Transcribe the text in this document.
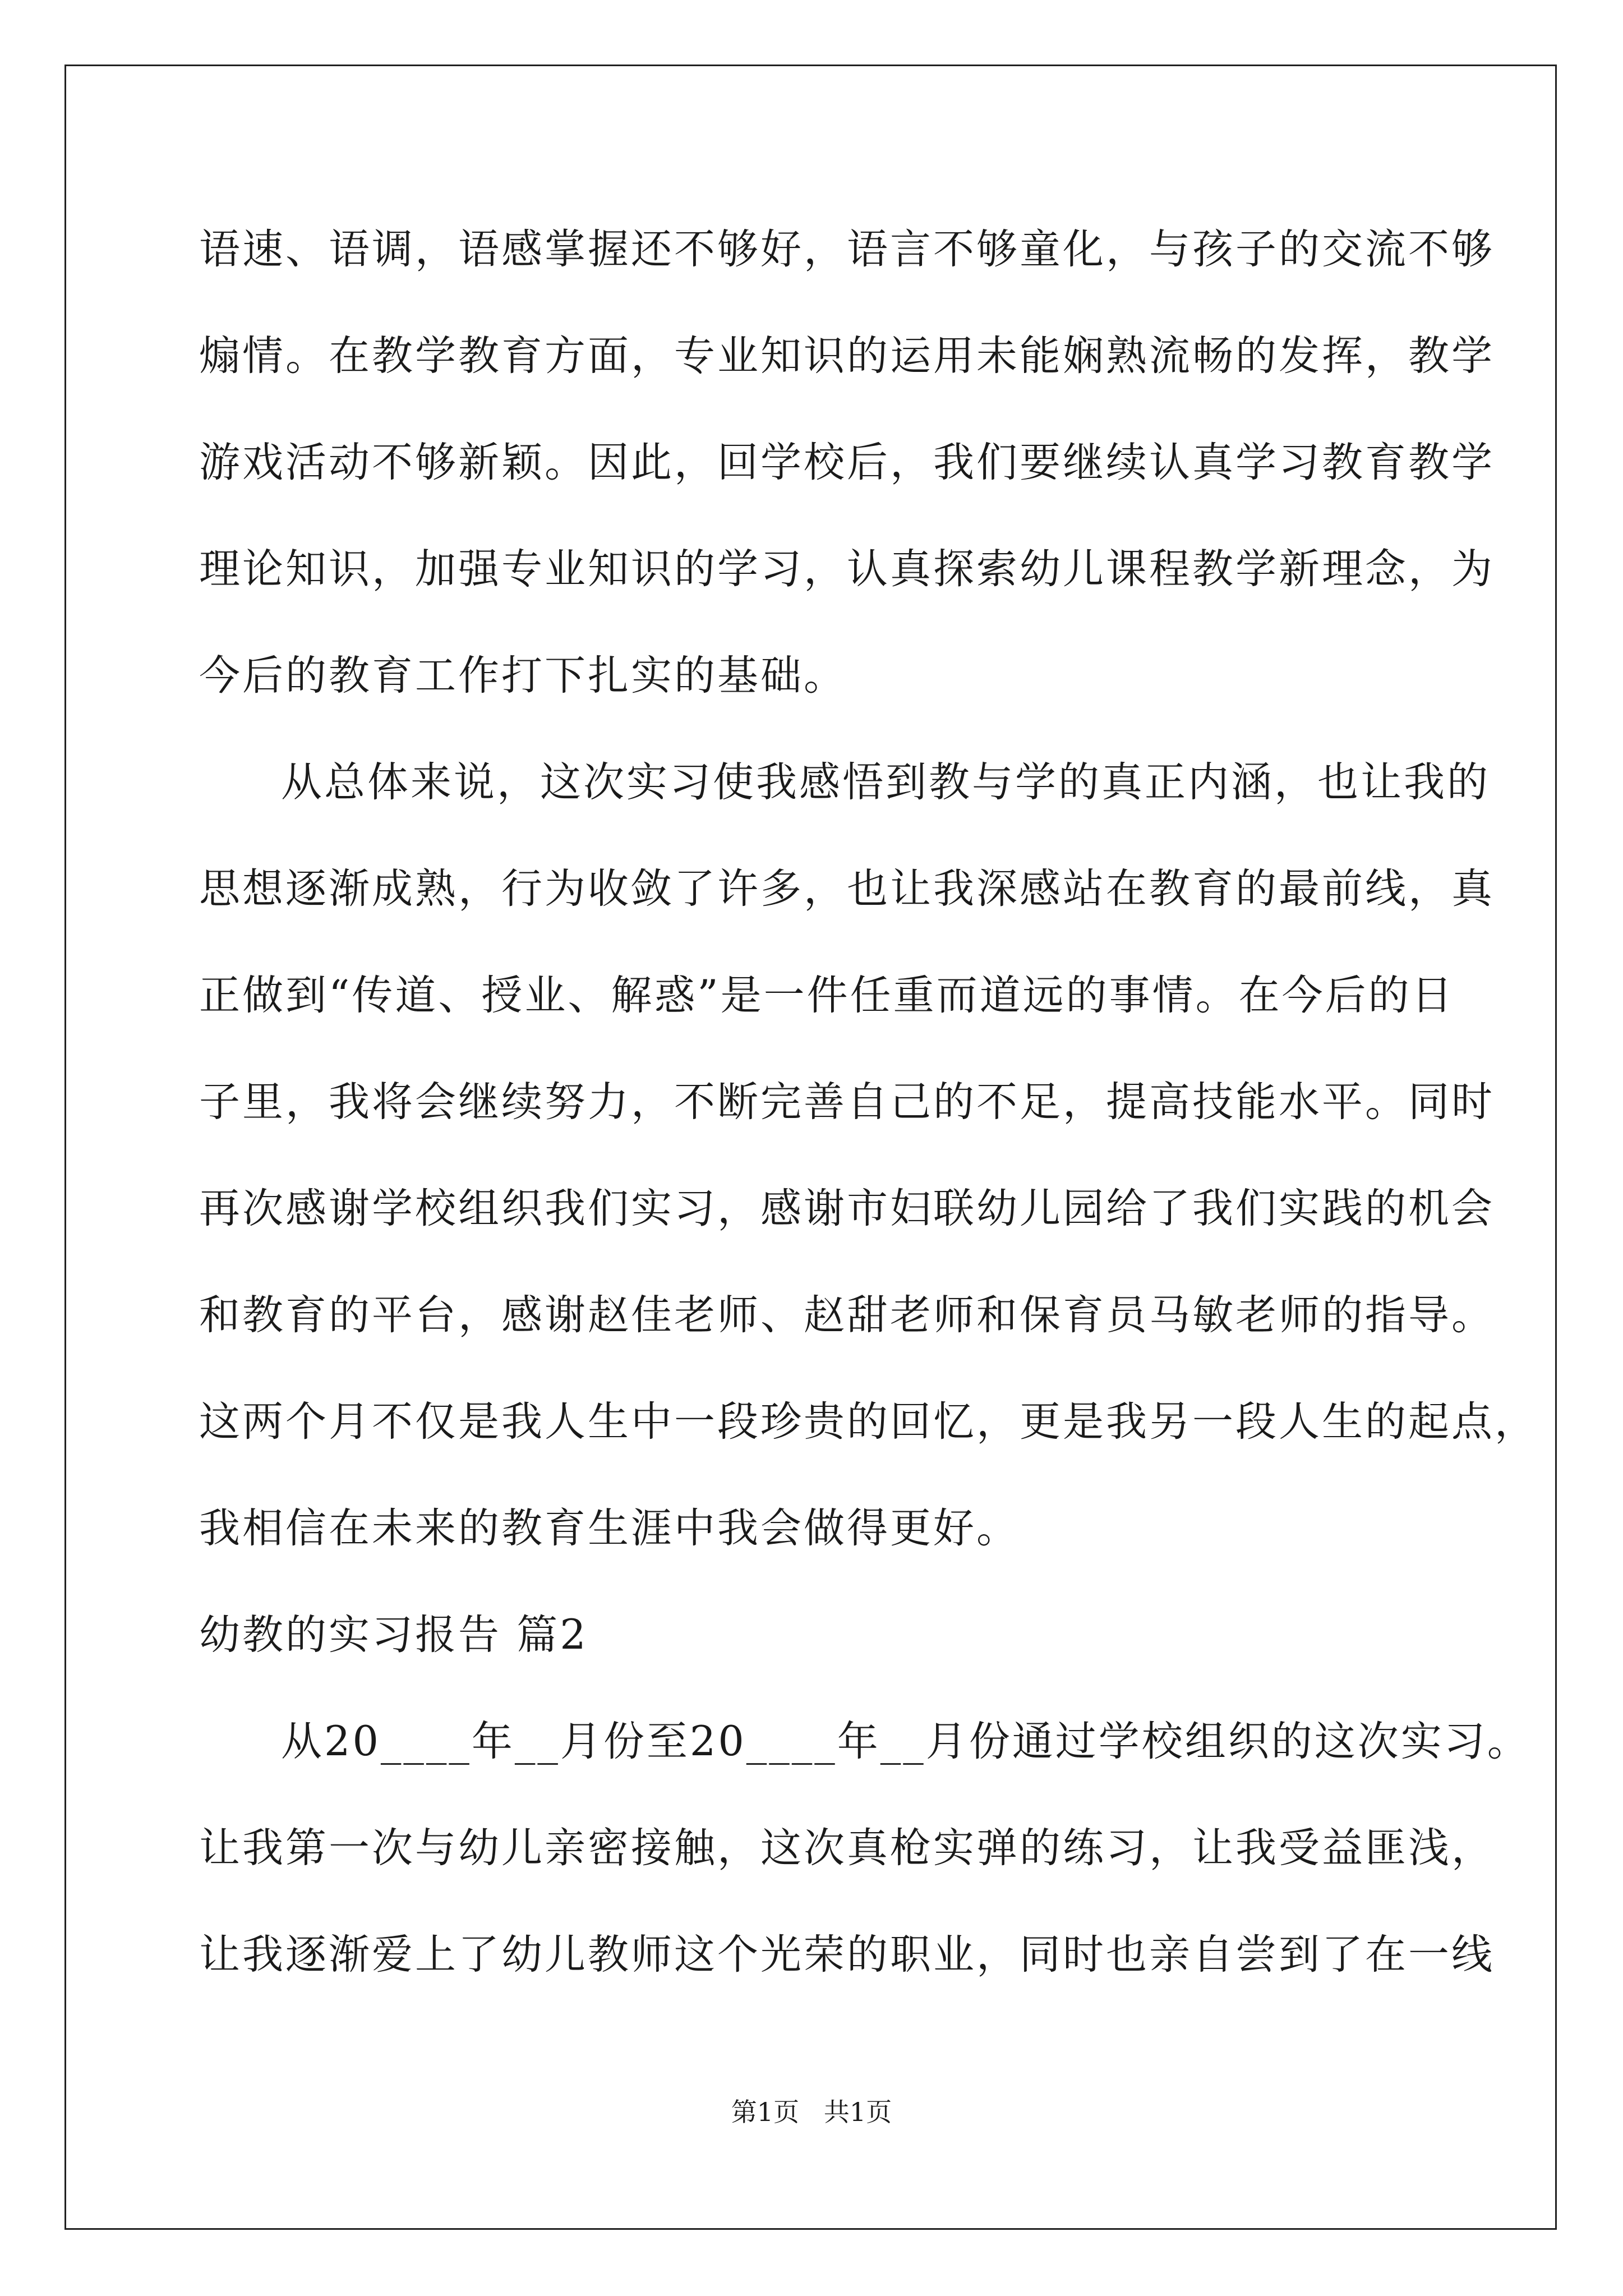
语速、语调，语感掌握还不够好，语言不够童化，与孩子的交流不够
煽情。在教学教育方面，专业知识的运用未能娴熟流畅的发挥，教学
游戏活动不够新颖。因此，回学校后，我们要继续认真学习教育教学
理论知识，加强专业知识的学习，认真探索幼儿课程教学新理念，为
今后的教育工作打下扎实的基础。
从总体来说，这次实习使我感悟到教与学的真正内涵，也让我的
思想逐渐成熟，行为收敛了许多，也让我深感站在教育的最前线，真
正做到“传道、授业、解惑”是一件任重而道远的事情。在今后的日
子里，我将会继续努力，不断完善自己的不足，提高技能水平。同时
再次感谢学校组织我们实习，感谢市妇联幼儿园给了我们实践的机会
和教育的平台，感谢赵佳老师、赵甜老师和保育员马敏老师的指导。
这两个月不仅是我人生中一段珍贵的回忆，更是我另一段人生的起点，
我相信在未来的教育生涯中我会做得更好。
幼教的实习报告 篇2
从20____年__月份至20____年__月份通过学校组织的这次实习。
让我第一次与幼儿亲密接触，这次真枪实弹的练习，让我受益匪浅，
让我逐渐爱上了幼儿教师这个光荣的职业，同时也亲自尝到了在一线
第1页   共1页
